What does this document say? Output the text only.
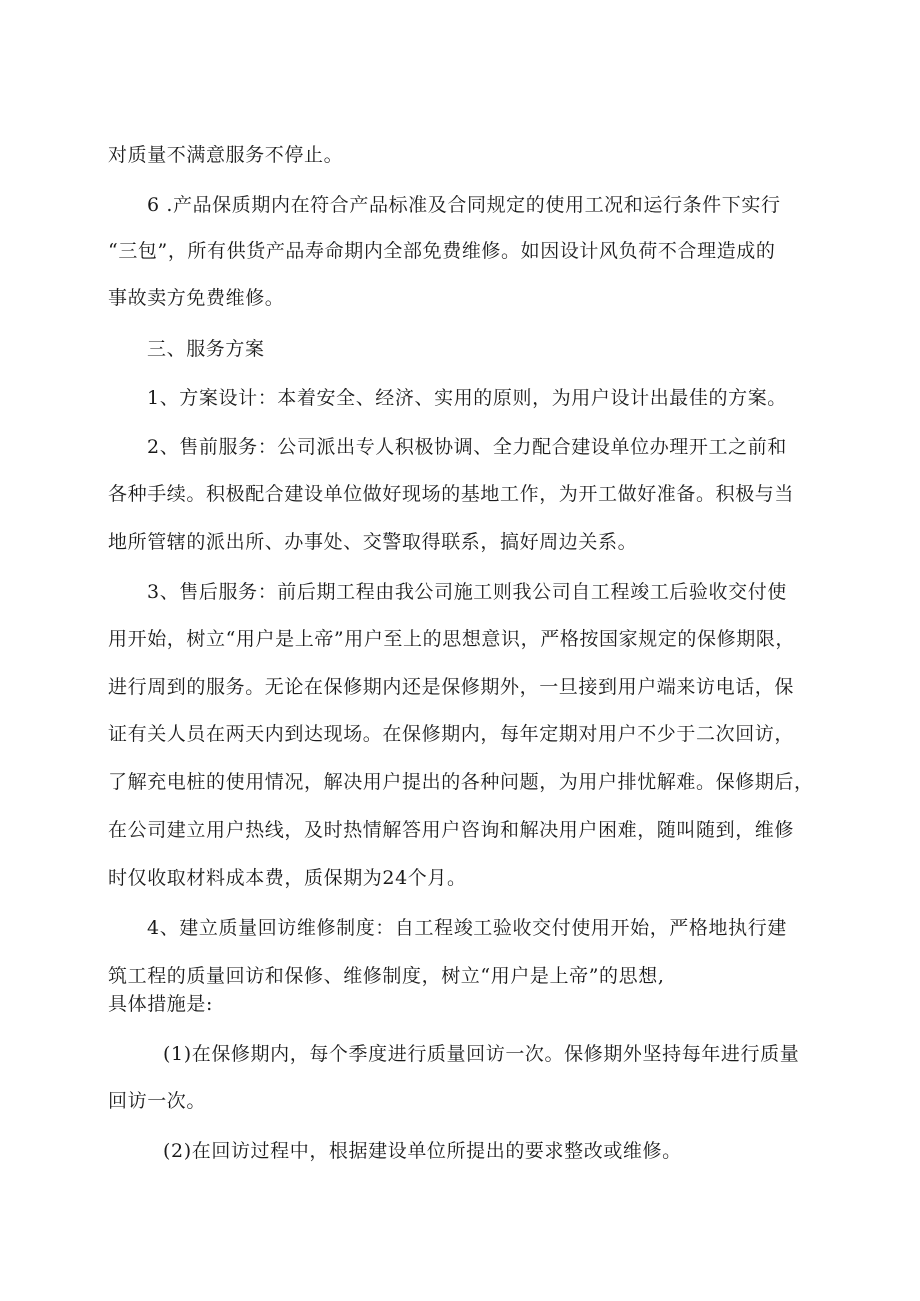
对质量不满意服务不停止。
6 .产品保质期内在符合产品标准及合同规定的使用工况和运行条件下实行
“三包”，所有供货产品寿命期内全部免费维修。如因设计风负荷不合理造成的
事故卖方免费维修。
三、服务方案
1、方案设计：本着安全、经济、实用的原则，为用户设计出最佳的方案。
2、售前服务：公司派出专人积极协调、全力配合建设单位办理开工之前和
各种手续。积极配合建设单位做好现场的基地工作，为开工做好准备。积极与当
地所管辖的派出所、办事处、交警取得联系，搞好周边关系。
3、售后服务：前后期工程由我公司施工则我公司自工程竣工后验收交付使
用开始，树立“用户是上帝”用户至上的思想意识，严格按国家规定的保修期限，
进行周到的服务。无论在保修期内还是保修期外，一旦接到用户端来访电话，保
证有关人员在两天内到达现场。在保修期内，每年定期对用户不少于二次回访，
了解充电桩的使用情况，解决用户提出的各种问题，为用户排忧解难。保修期后，
在公司建立用户热线，及时热情解答用户咨询和解决用户困难，随叫随到，维修
时仅收取材料成本费，质保期为24个月。
4、建立质量回访维修制度：自工程竣工验收交付使用开始，严格地执行建
筑工程的质量回访和保修、维修制度，树立“用户是上帝”的思想,
具体措施是:
(1)在保修期内，每个季度进行质量回访一次。保修期外坚持每年进行质量
回访一次。
(2)在回访过程中，根据建设单位所提出的要求整改或维修。
